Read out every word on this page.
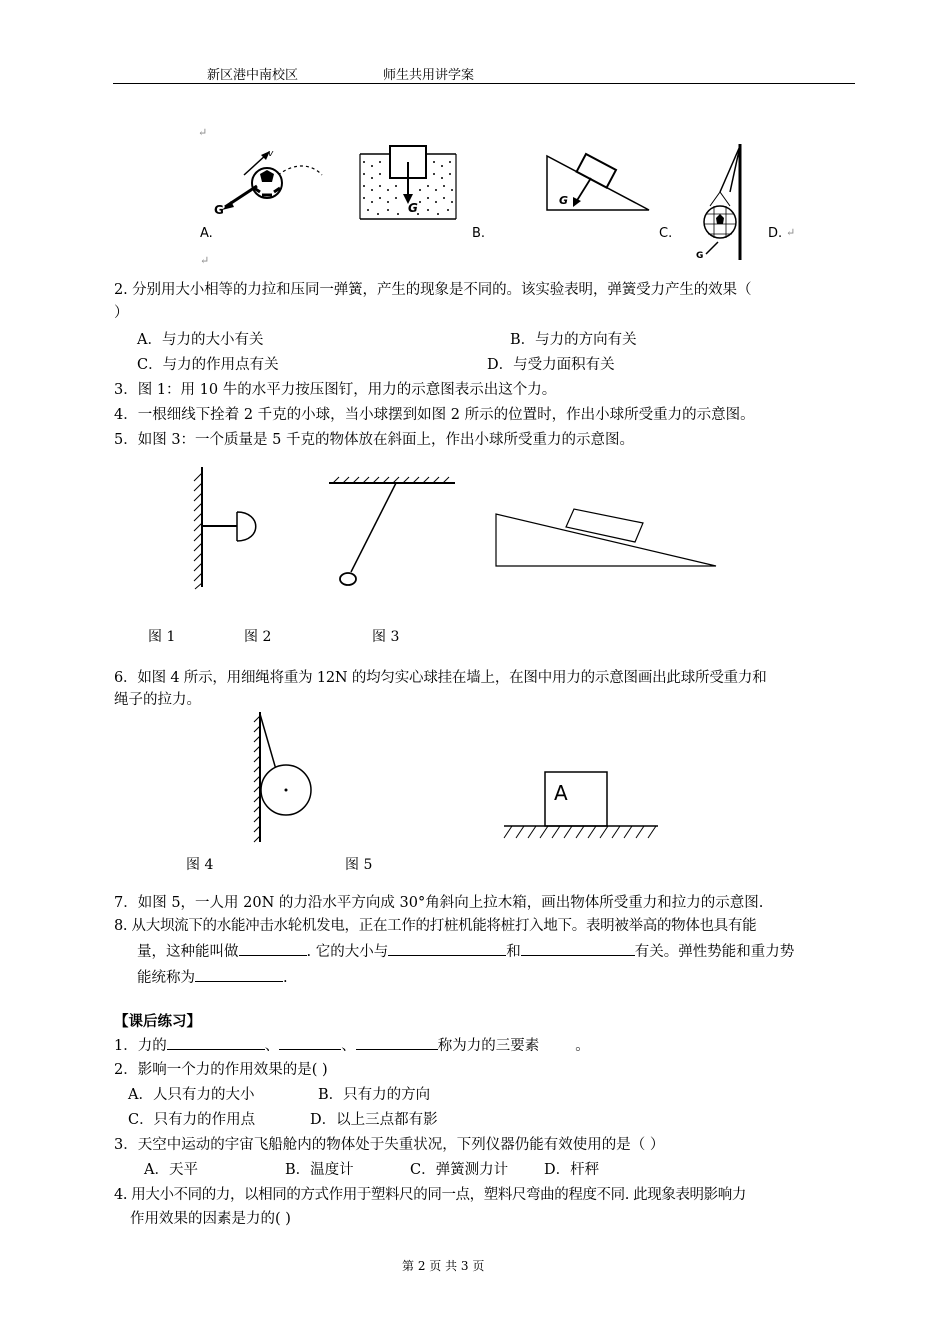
新区港中南校区	师生共用讲学案
↵
G
v
A.
↵
G
B.
G
C.
G
D. ↵
2. 分别用大小相等的力拉和压同一弹簧，产生的现象是不同的。该实验表明，弹簧受力产生的效果（
）
A．与力的大小有关	B．与力的方向有关
C．与力的作用点有关	D．与受力面积有关
3．图 1：用 10 牛的水平力按压图钉，用力的示意图表示出这个力。
4．一根细线下拴着 2 千克的小球，当小球摆到如图 2 所示的位置时，作出小球所受重力的示意图。
5．如图 3：一个质量是 5 千克的物体放在斜面上，作出小球所受重力的示意图。
图 1	图 2	图 3
6．如图 4 所示，用细绳将重为 12N 的均匀实心球挂在墙上，在图中用力的示意图画出此球所受重力和
绳子的拉力。
A
图 4	图 5
7．如图 5，一人用 20N 的力沿水平方向成 30°角斜向上拉木箱，画出物体所受重力和拉力的示意图.
8. 从大坝流下的水能冲击水轮机发电，正在工作的打桩机能将桩打入地下。表明被举高的物体也具有能
量，这种能叫做	. 它的大小与	和	有关。弹性势能和重力势
能统称为	.
【课后练习】
1．力的	、	、	称为力的三要素 。
2．影响一个力的作用效果的是( )
A．人只有力的大小	B．只有力的方向
C．只有力的作用点	D．以上三点都有影
3．天空中运动的宇宙飞船舱内的物体处于失重状况，下列仪器仍能有效使用的是（ ）
A．天平	B．温度计	C．弹簧测力计 D．杆秤
4. 用大小不同的力，以相同的方式作用于塑料尺的同一点，塑料尺弯曲的程度不同. 此现象表明影响力
作用效果的因素是力的( )
第 2 页 共 3 页
